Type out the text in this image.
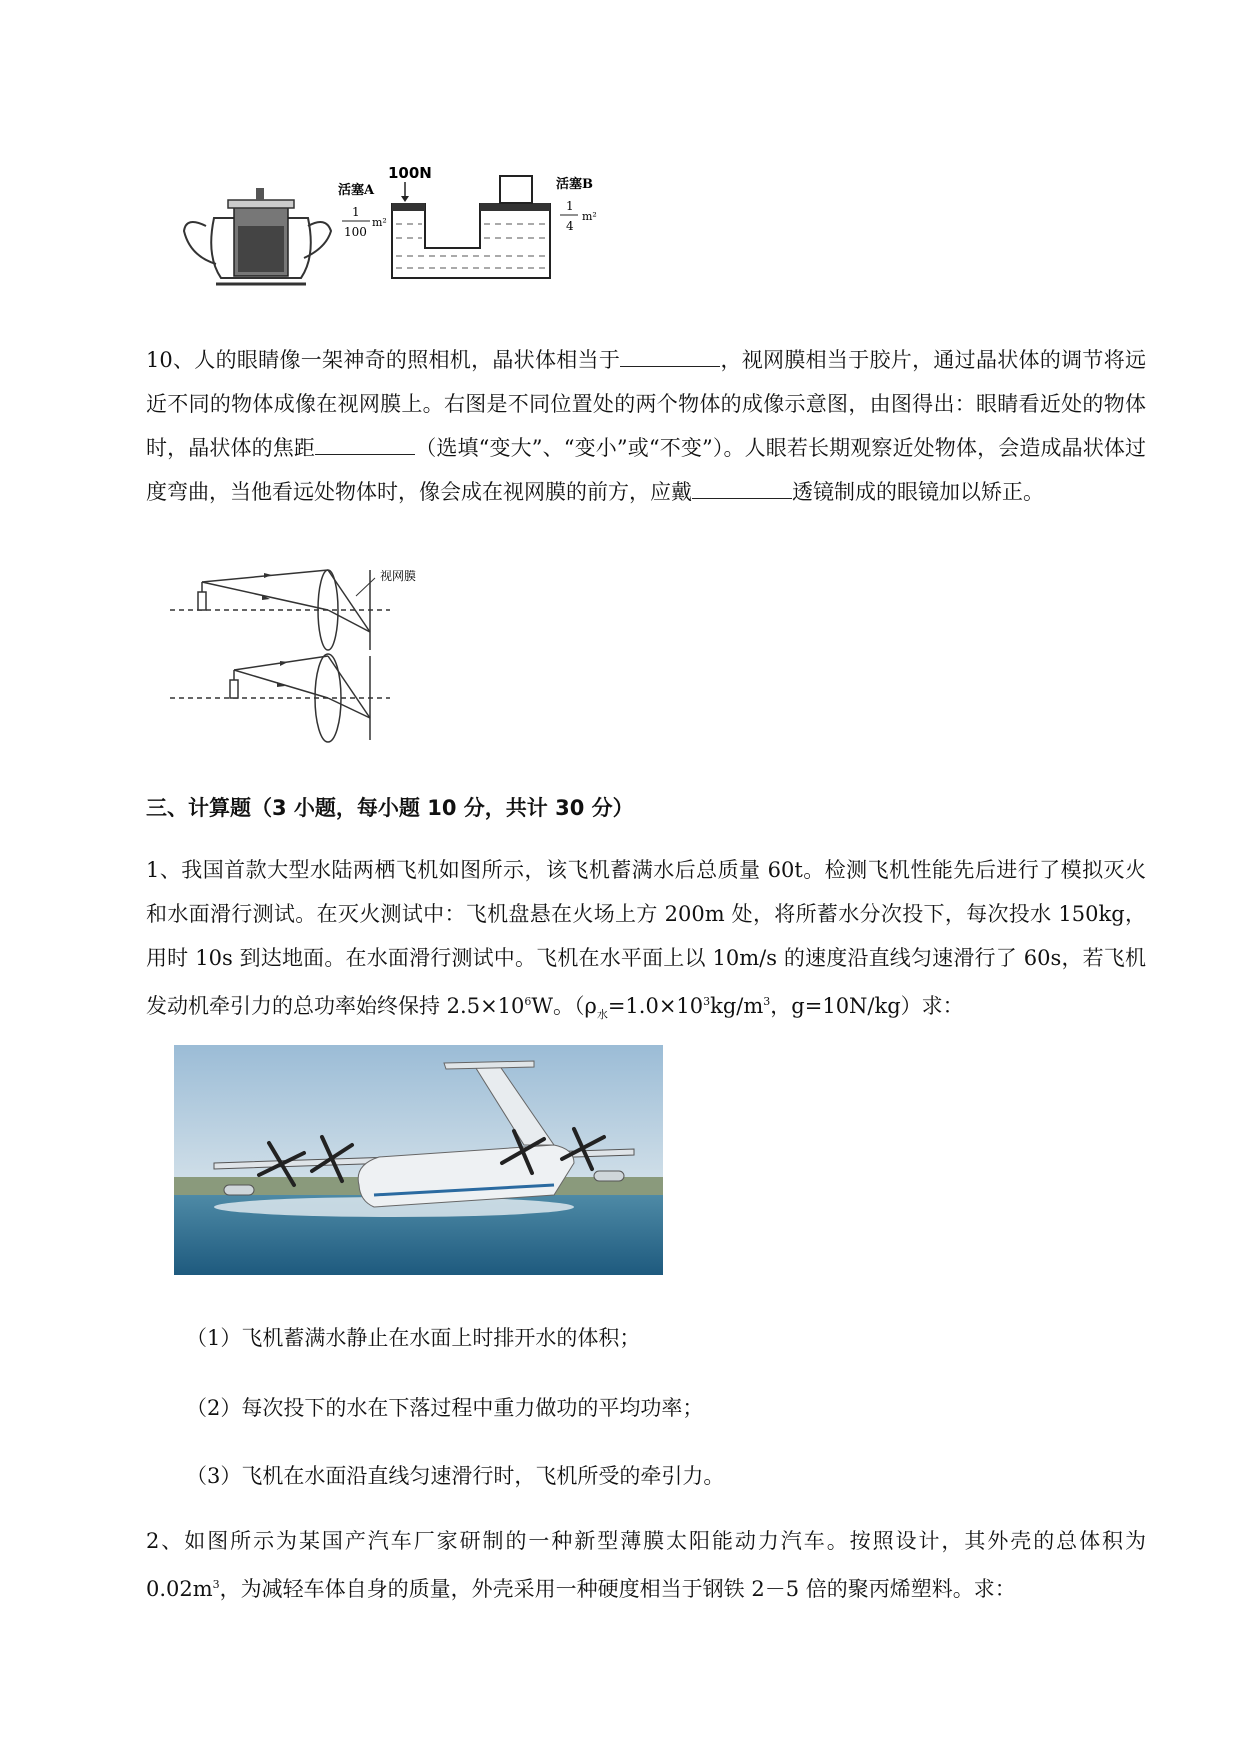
100N
活塞A
1
100
m²
活塞B
1
4
m²
10、人的眼睛像一架神奇的照相机，晶状体相当于	，视网膜相当于胶片，通过晶状体的调节将远近不同的物体成像在视网膜上。右图是不同位置处的两个物体的成像示意图，由图得出：眼睛看近处的物体时，晶状体的焦距	（选填“变大”、“变小”或“不变”）。人眼若长期观察近处物体，会造成晶状体过度弯曲，当他看远处物体时，像会成在视网膜的前方，应戴	透镜制成的眼镜加以矫正。
视网膜
三、计算题（3 小题，每小题 10 分，共计 30 分）
1、我国首款大型水陆两栖飞机如图所示，该飞机蓄满水后总质量 60t。检测飞机性能先后进行了模拟灭火和水面滑行测试。在灭火测试中：飞机盘悬在火场上方 200m 处，将所蓄水分次投下，每次投水 150kg，用时 10s 到达地面。在水面滑行测试中。飞机在水平面上以 10m/s 的速度沿直线匀速滑行了 60s，若飞机发动机牵引力的总功率始终保持 $2.5\times 10^6W$。（$\rho_水=1.0\times 10^3kg/m^3$，g=10N/kg）求：
（1）飞机蓄满水静止在水面上时排开水的体积；
（2）每次投下的水在下落过程中重力做功的平均功率；
（3）飞机在水面沿直线匀速滑行时，飞机所受的牵引力。
2、如图所示为某国产汽车厂家研制的一种新型薄膜太阳能动力汽车。按照设计，其外壳的总体积为 $0.02m^3$，为减轻车体自身的质量，外壳采用一种硬度相当于钢铁 2－5 倍的聚丙烯塑料。求：
